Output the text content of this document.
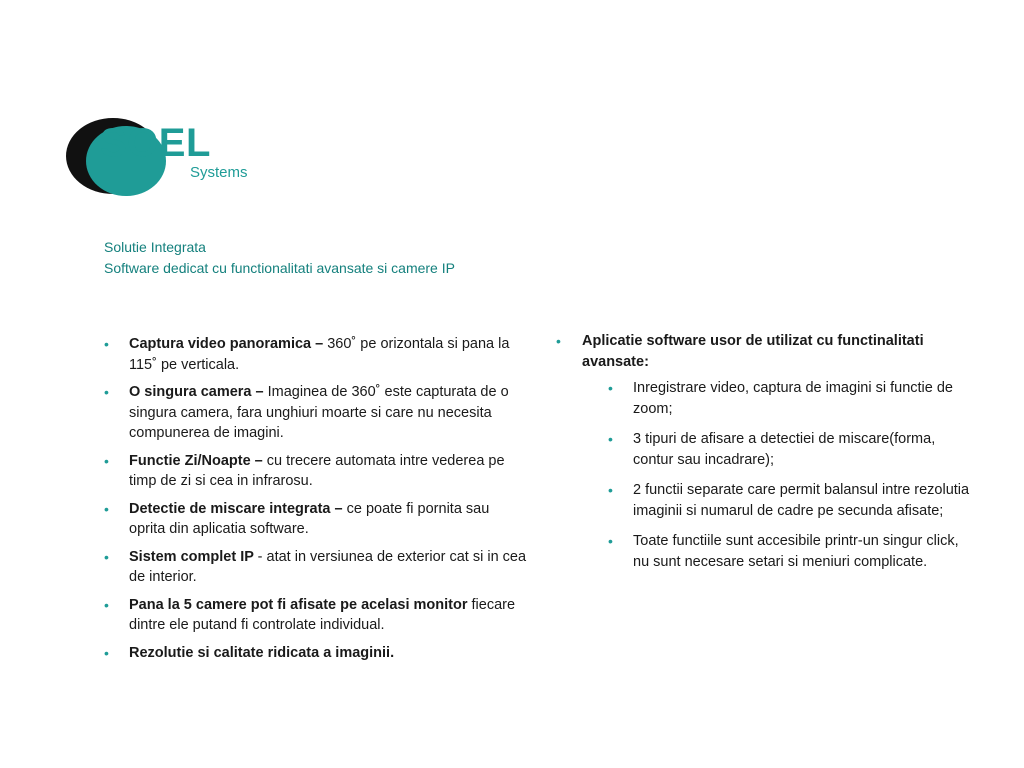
SOEL
Systems
Solutie Integrata
Software dedicat cu functionalitati avansate si camere IP
• Captura video panoramica – 360˚ pe orizontala si pana la 115˚ pe verticala.
• O singura camera – Imaginea de 360˚ este capturata de o singura camera, fara unghiuri moarte si care nu necesita compunerea de imagini.
• Functie Zi/Noapte – cu trecere automata intre vederea pe timp de zi si cea in infrarosu.
• Detectie de miscare integrata – ce poate fi pornita sau oprita din aplicatia software.
• Sistem complet IP - atat in versiunea de exterior cat si in cea de interior.
• Pana la 5 camere pot fi afisate pe acelasi monitor fiecare dintre ele putand fi controlate individual.
• Rezolutie si calitate ridicata a imaginii.
• Aplicatie software usor de utilizat cu functinalitati avansate:
• Inregistrare video, captura de imagini si functie de zoom;
• 3 tipuri de afisare a detectiei de miscare(forma, contur sau incadrare);
• 2 functii separate care permit balansul intre rezolutia imaginii si numarul de cadre pe secunda afisate;
• Toate functiile sunt accesibile printr-un singur click, nu sunt necesare setari si meniuri complicate.
